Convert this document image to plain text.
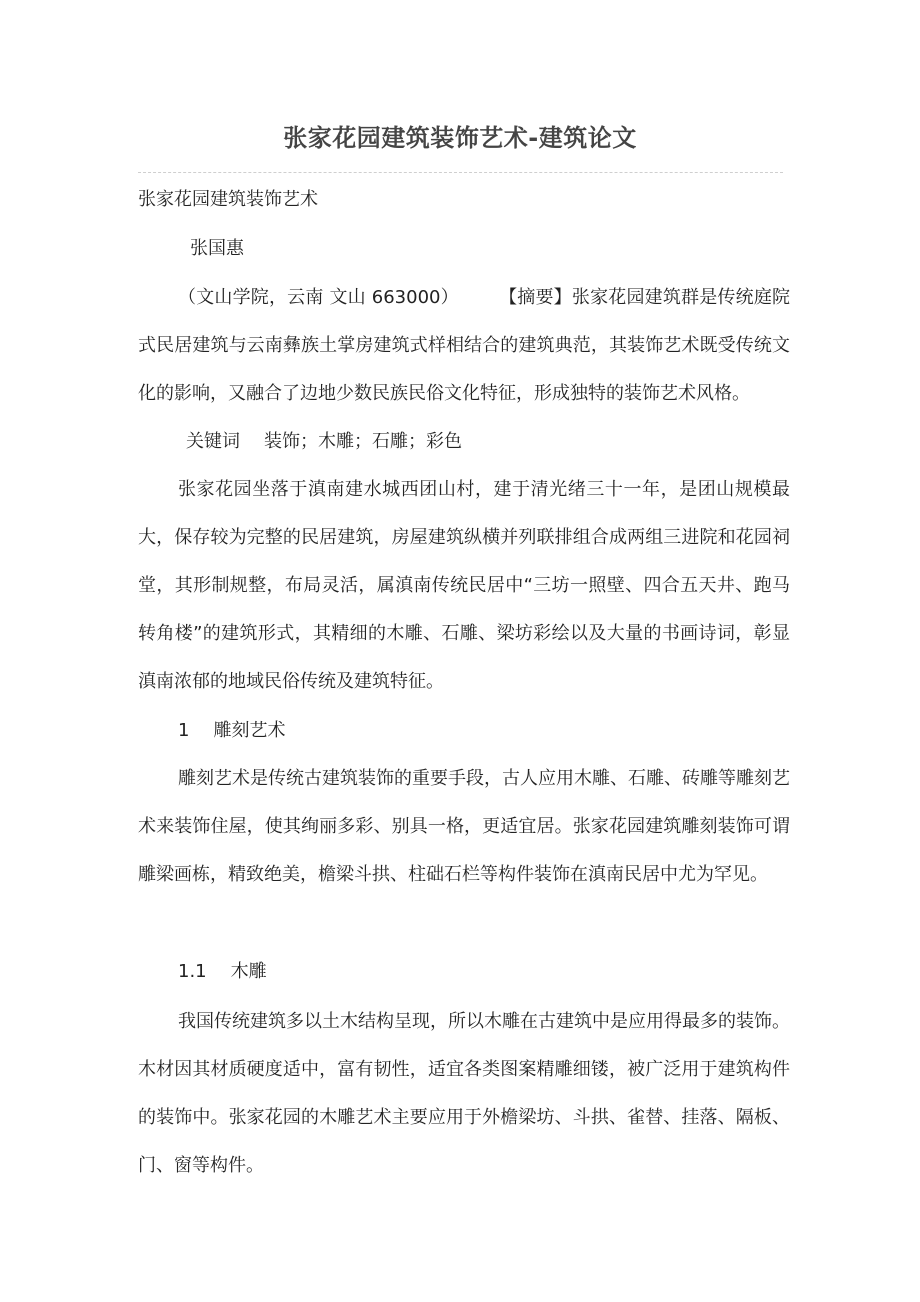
张家花园建筑装饰艺术-建筑论文
张家花园建筑装饰艺术
张国惠
（文山学院，云南 文山 663000） 【摘要】张家花园建筑群是传统庭院式民居建筑与云南彝族土掌房建筑式样相结合的建筑典范，其装饰艺术既受传统文化的影响，又融合了边地少数民族民俗文化特征，形成独特的装饰艺术风格。
关键词 装饰；木雕；石雕；彩色
张家花园坐落于滇南建水城西团山村，建于清光绪三十一年，是团山规模最大，保存较为完整的民居建筑，房屋建筑纵横并列联排组合成两组三进院和花园祠堂，其形制规整，布局灵活，属滇南传统民居中“三坊一照壁、四合五天井、跑马转角楼”的建筑形式，其精细的木雕、石雕、梁坊彩绘以及大量的书画诗词，彰显滇南浓郁的地域民俗传统及建筑特征。
1 雕刻艺术
雕刻艺术是传统古建筑装饰的重要手段，古人应用木雕、石雕、砖雕等雕刻艺术来装饰住屋，使其绚丽多彩、别具一格，更适宜居。张家花园建筑雕刻装饰可谓雕梁画栋，精致绝美，檐梁斗拱、柱础石栏等构件装饰在滇南民居中尤为罕见。
1.1 木雕
我国传统建筑多以土木结构呈现，所以木雕在古建筑中是应用得最多的装饰。木材因其材质硬度适中，富有韧性，适宜各类图案精雕细镂，被广泛用于建筑构件的装饰中。张家花园的木雕艺术主要应用于外檐梁坊、斗拱、雀替、挂落、隔板、门、窗等构件。
